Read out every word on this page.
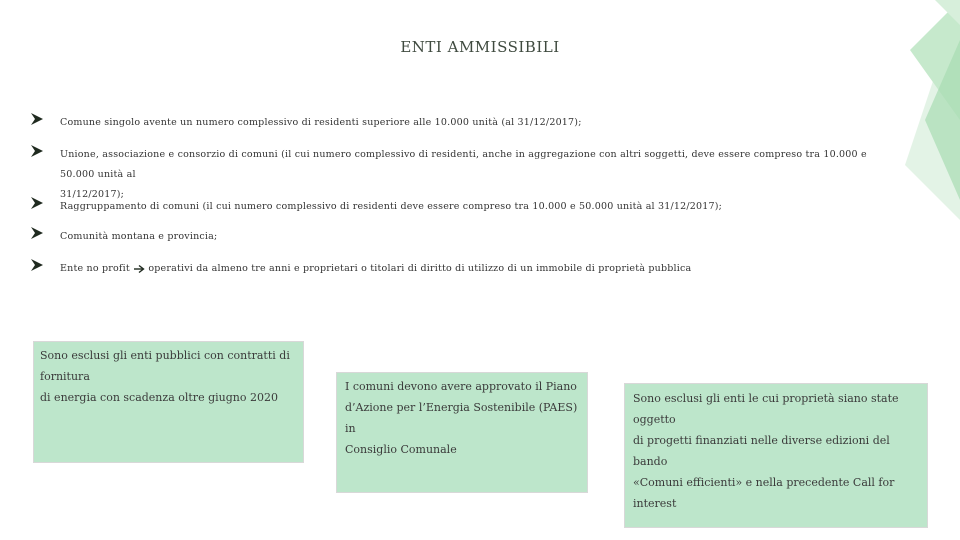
ENTI AMMISSIBILI
Comune singolo avente un numero complessivo di residenti superiore alle 10.000 unità (al 31/12/2017);
Unione, associazione e consorzio di comuni (il cui numero complessivo di residenti, anche in aggregazione con altri soggetti, deve essere compreso tra 10.000 e 50.000 unità al
31/12/2017);
Raggruppamento di comuni (il cui numero complessivo di residenti deve essere compreso tra 10.000 e 50.000 unità al 31/12/2017);
Comunità montana e provincia;
Ente no profit operativi da almeno tre anni e proprietari o titolari di diritto di utilizzo di un immobile di proprietà pubblica
Sono esclusi gli enti pubblici con contratti di
fornitura
di energia con scadenza oltre giugno 2020
I comuni devono avere approvato il Piano
d’Azione per l’Energia Sostenibile (PAES) in
Consiglio Comunale
Sono esclusi gli enti le cui proprietà siano state oggetto
di progetti finanziati nelle diverse edizioni del bando
«Comuni efficienti» e nella precedente Call for interest
